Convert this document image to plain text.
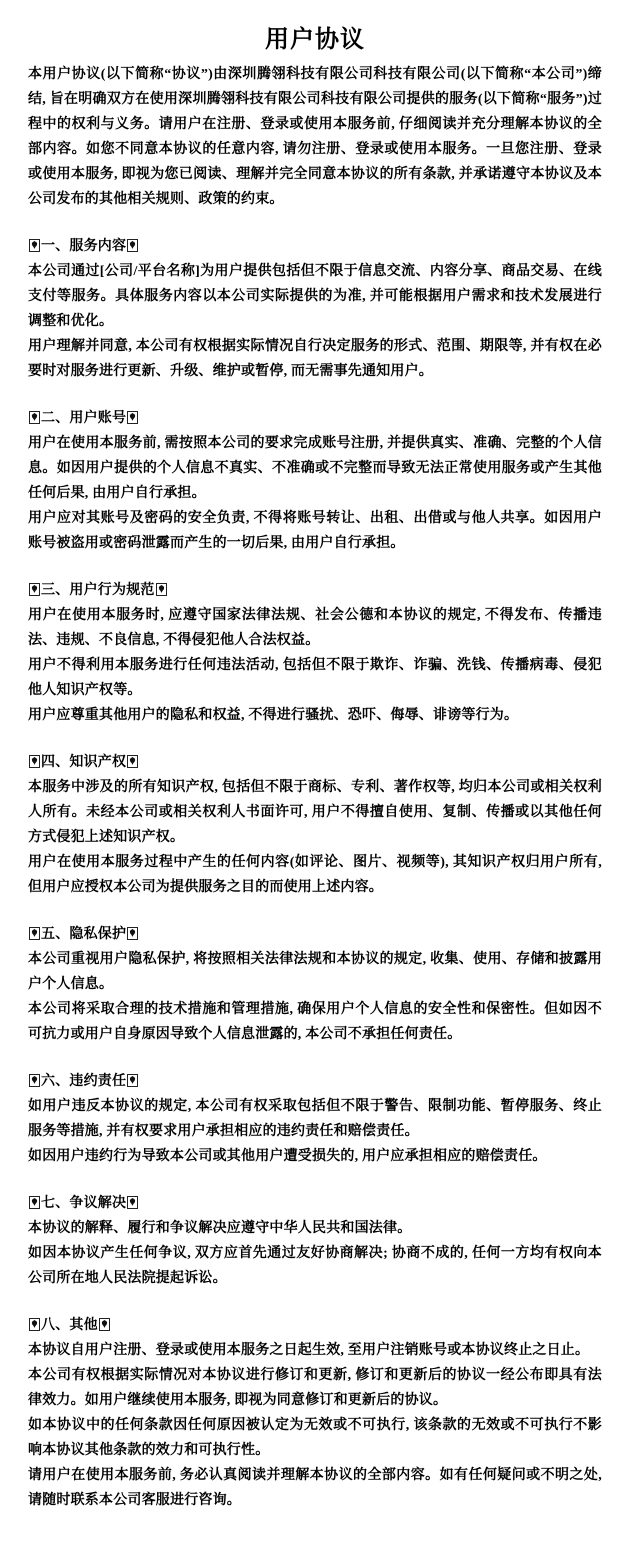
用户协议

本用户协议(以下简称“协议”)由深圳腾翎科技有限公司科技有限公司(以下简称“本公司”)缔结, 旨在明确双方在使用深圳腾翎科技有限公司科技有限公司提供的服务(以下简称“服务”)过程中的权利与义务。请用户在注册、登录或使用本服务前, 仔细阅读并充分理解本协议的全部内容。如您不同意本协议的任意内容, 请勿注册、登录或使用本服务。一旦您注册、登录或使用本服务, 即视为您已阅读、理解并完全同意本协议的所有条款, 并承诺遵守本协议及本公司发布的其他相关规则、政策的约束。

一、服务内容

本公司通过[公司/平台名称]为用户提供包括但不限于信息交流、内容分享、商品交易、在线支付等服务。具体服务内容以本公司实际提供的为准, 并可能根据用户需求和技术发展进行调整和优化。

用户理解并同意, 本公司有权根据实际情况自行决定服务的形式、范围、期限等, 并有权在必要时对服务进行更新、升级、维护或暂停, 而无需事先通知用户。

二、用户账号

用户在使用本服务前, 需按照本公司的要求完成账号注册, 并提供真实、准确、完整的个人信息。如因用户提供的个人信息不真实、不准确或不完整而导致无法正常使用服务或产生其他任何后果, 由用户自行承担。

用户应对其账号及密码的安全负责, 不得将账号转让、出租、出借或与他人共享。如因用户账号被盗用或密码泄露而产生的一切后果, 由用户自行承担。

三、用户行为规范

用户在使用本服务时, 应遵守国家法律法规、社会公德和本协议的规定, 不得发布、传播违法、违规、不良信息, 不得侵犯他人合法权益。

用户不得利用本服务进行任何违法活动, 包括但不限于欺诈、诈骗、洗钱、传播病毒、侵犯他人知识产权等。

用户应尊重其他用户的隐私和权益, 不得进行骚扰、恐吓、侮辱、诽谤等行为。

四、知识产权

本服务中涉及的所有知识产权, 包括但不限于商标、专利、著作权等, 均归本公司或相关权利人所有。未经本公司或相关权利人书面许可, 用户不得擅自使用、复制、传播或以其他任何方式侵犯上述知识产权。

用户在使用本服务过程中产生的任何内容(如评论、图片、视频等), 其知识产权归用户所有, 但用户应授权本公司为提供服务之目的而使用上述内容。

五、隐私保护

本公司重视用户隐私保护, 将按照相关法律法规和本协议的规定, 收集、使用、存储和披露用户个人信息。

本公司将采取合理的技术措施和管理措施, 确保用户个人信息的安全性和保密性。但如因不可抗力或用户自身原因导致个人信息泄露的, 本公司不承担任何责任。

六、违约责任

如用户违反本协议的规定, 本公司有权采取包括但不限于警告、限制功能、暂停服务、终止服务等措施, 并有权要求用户承担相应的违约责任和赔偿责任。

如因用户违约行为导致本公司或其他用户遭受损失的, 用户应承担相应的赔偿责任。

七、争议解决

本协议的解释、履行和争议解决应遵守中华人民共和国法律。

如因本协议产生任何争议, 双方应首先通过友好协商解决; 协商不成的, 任何一方均有权向本公司所在地人民法院提起诉讼。

八、其他

本协议自用户注册、登录或使用本服务之日起生效, 至用户注销账号或本协议终止之日止。

本公司有权根据实际情况对本协议进行修订和更新, 修订和更新后的协议一经公布即具有法律效力。如用户继续使用本服务, 即视为同意修订和更新后的协议。

如本协议中的任何条款因任何原因被认定为无效或不可执行, 该条款的无效或不可执行不影响本协议其他条款的效力和可执行性。

请用户在使用本服务前, 务必认真阅读并理解本协议的全部内容。如有任何疑问或不明之处, 请随时联系本公司客服进行咨询。
